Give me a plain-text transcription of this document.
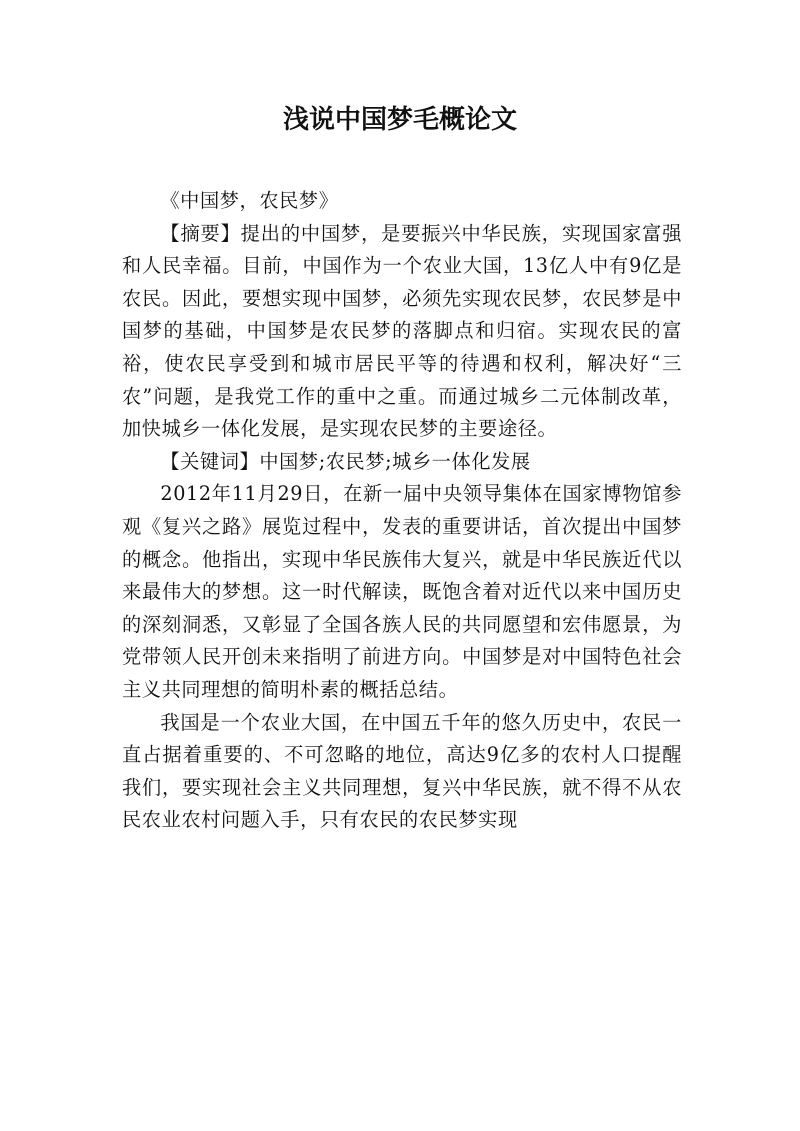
浅说中国梦毛概论文

《中国梦，农民梦》

【摘要】提出的中国梦，是要振兴中华民族，实现国家富强和人民幸福。目前，中国作为一个农业大国，13亿人中有9亿是农民。因此，要想实现中国梦，必须先实现农民梦，农民梦是中国梦的基础，中国梦是农民梦的落脚点和归宿。实现农民的富裕，使农民享受到和城市居民平等的待遇和权利，解决好“三农”问题，是我党工作的重中之重。而通过城乡二元体制改革，加快城乡一体化发展，是实现农民梦的主要途径。

【关键词】中国梦;农民梦;城乡一体化发展

2012年11月29日，在新一届中央领导集体在国家博物馆参观《复兴之路》展览过程中，发表的重要讲话，首次提出中国梦的概念。他指出，实现中华民族伟大复兴，就是中华民族近代以来最伟大的梦想。这一时代解读，既饱含着对近代以来中国历史的深刻洞悉，又彰显了全国各族人民的共同愿望和宏伟愿景，为党带领人民开创未来指明了前进方向。中国梦是对中国特色社会主义共同理想的简明朴素的概括总结。

我国是一个农业大国，在中国五千年的悠久历史中，农民一直占据着重要的、不可忽略的地位，高达9亿多的农村人口提醒我们，要实现社会主义共同理想，复兴中华民族，就不得不从农民农业农村问题入手，只有农民的农民梦实现
